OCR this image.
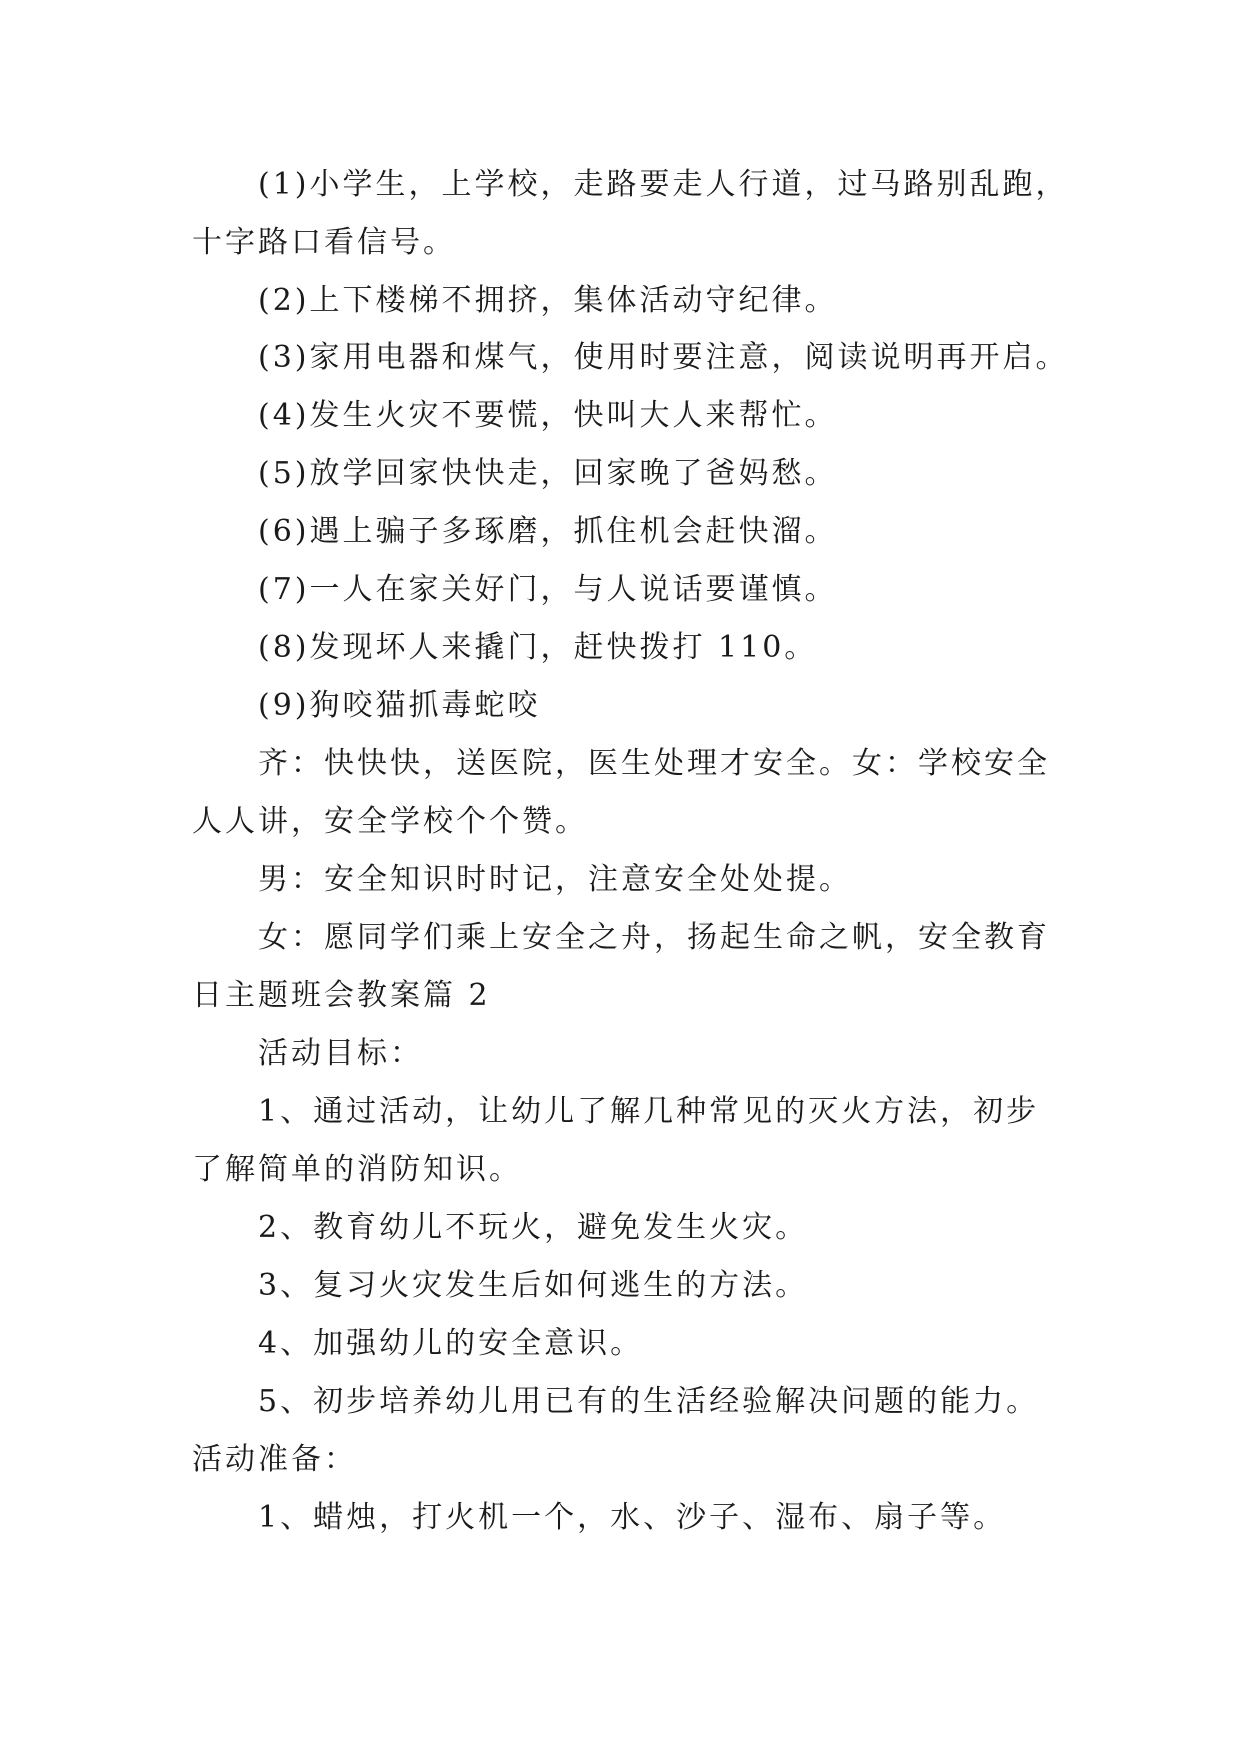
(1)小学生，上学校，走路要走人行道，过马路别乱跑，
十字路口看信号。
(2)上下楼梯不拥挤，集体活动守纪律。
(3)家用电器和煤气，使用时要注意，阅读说明再开启。
(4)发生火灾不要慌，快叫大人来帮忙。
(5)放学回家快快走，回家晚了爸妈愁。
(6)遇上骗子多琢磨，抓住机会赶快溜。
(7)一人在家关好门，与人说话要谨慎。
(8)发现坏人来撬门，赶快拨打 110。
(9)狗咬猫抓毒蛇咬
齐：快快快，送医院，医生处理才安全。女：学校安全
人人讲，安全学校个个赞。
男：安全知识时时记，注意安全处处提。
女：愿同学们乘上安全之舟，扬起生命之帆，安全教育
日主题班会教案篇 2
活动目标：
1、通过活动，让幼儿了解几种常见的灭火方法，初步
了解简单的消防知识。
2、教育幼儿不玩火，避免发生火灾。
3、复习火灾发生后如何逃生的方法。
4、加强幼儿的安全意识。
5、初步培养幼儿用已有的生活经验解决问题的能力。
活动准备：
1、蜡烛，打火机一个，水、沙子、湿布、扇子等。
